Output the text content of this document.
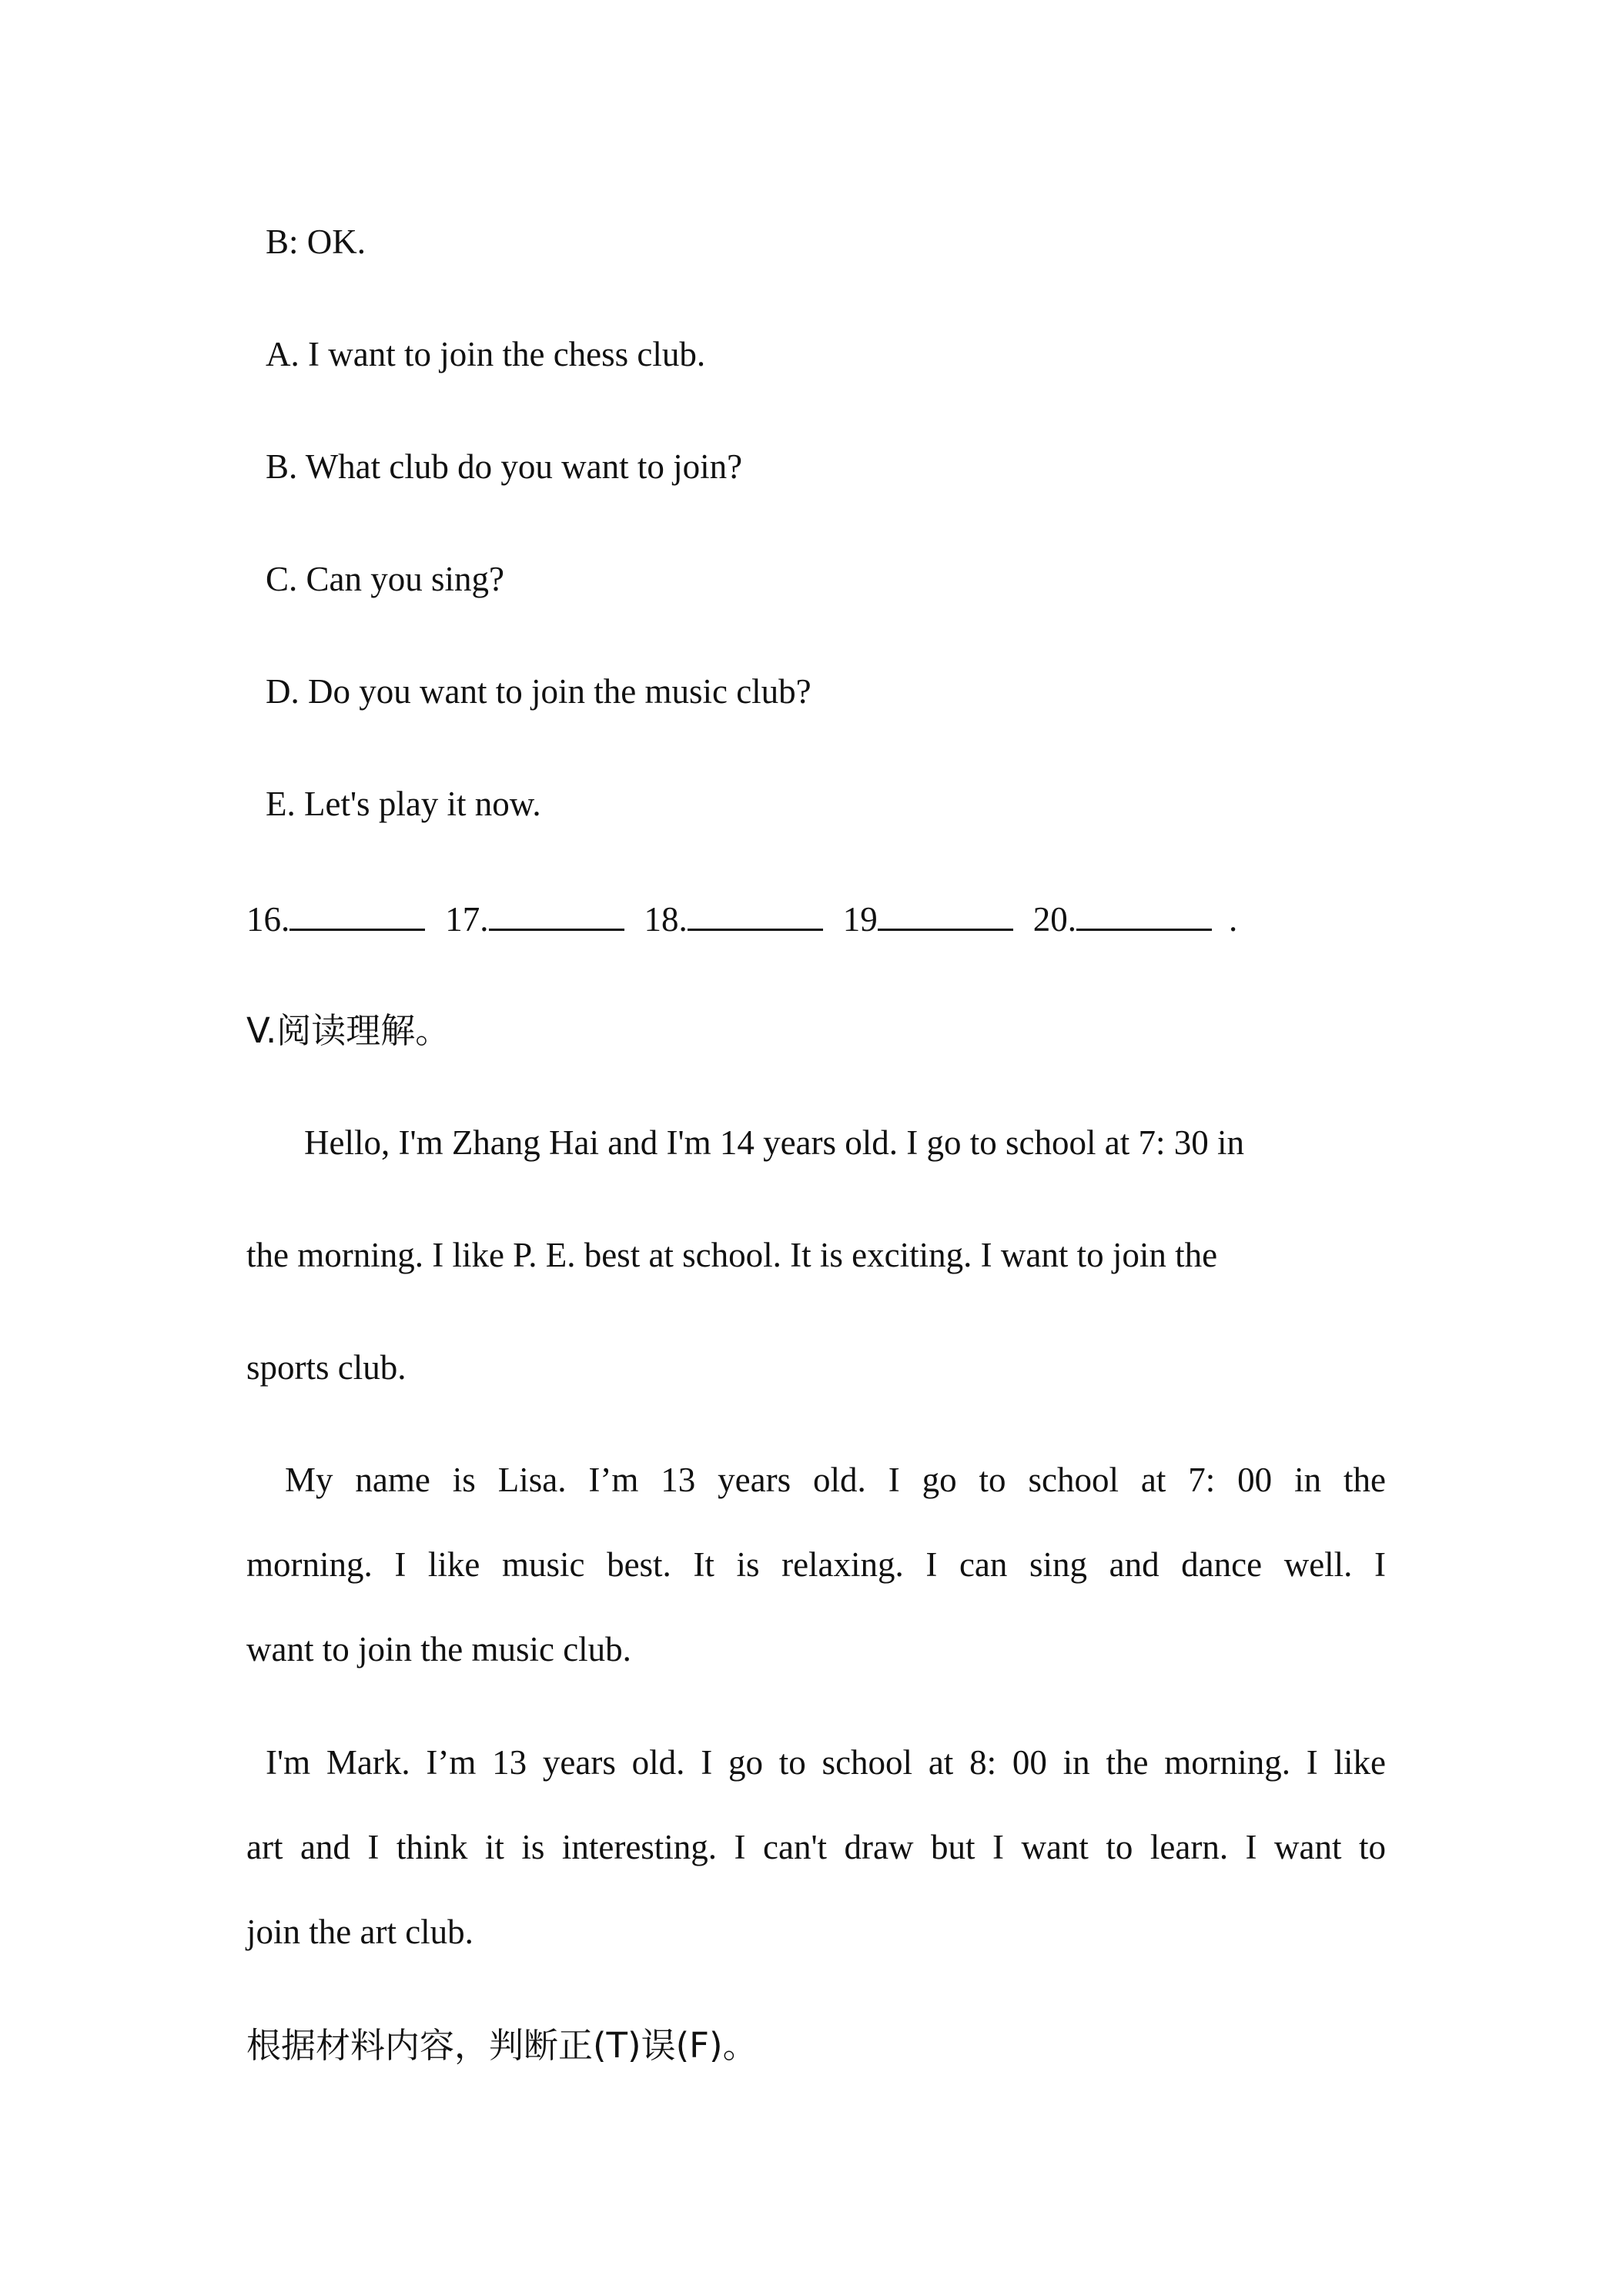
B: OK.
A. I want to join the chess club.
B. What club do you want to join?
C. Can you sing?
D. Do you want to join the music club?
E. Let's play it now.
16.	17.	18.	19	20.	.
V.阅读理解。
Hello, I'm Zhang Hai and I'm 14 years old. I go to school at 7: 30 in
the morning. I like P. E. best at school. It is exciting. I want to join the
sports club.
My name is Lisa. I’m 13 years old. I go to school at 7: 00 in the
morning. I like music best. It is relaxing. I can sing and dance well. I
want to join the music club.
I'm Mark. I’m 13 years old. I go to school at 8: 00 in the morning. I like
art and I think it is interesting. I can't draw but I want to learn. I want to
join the art club.
根据材料内容，判断正(T)误(F)。
